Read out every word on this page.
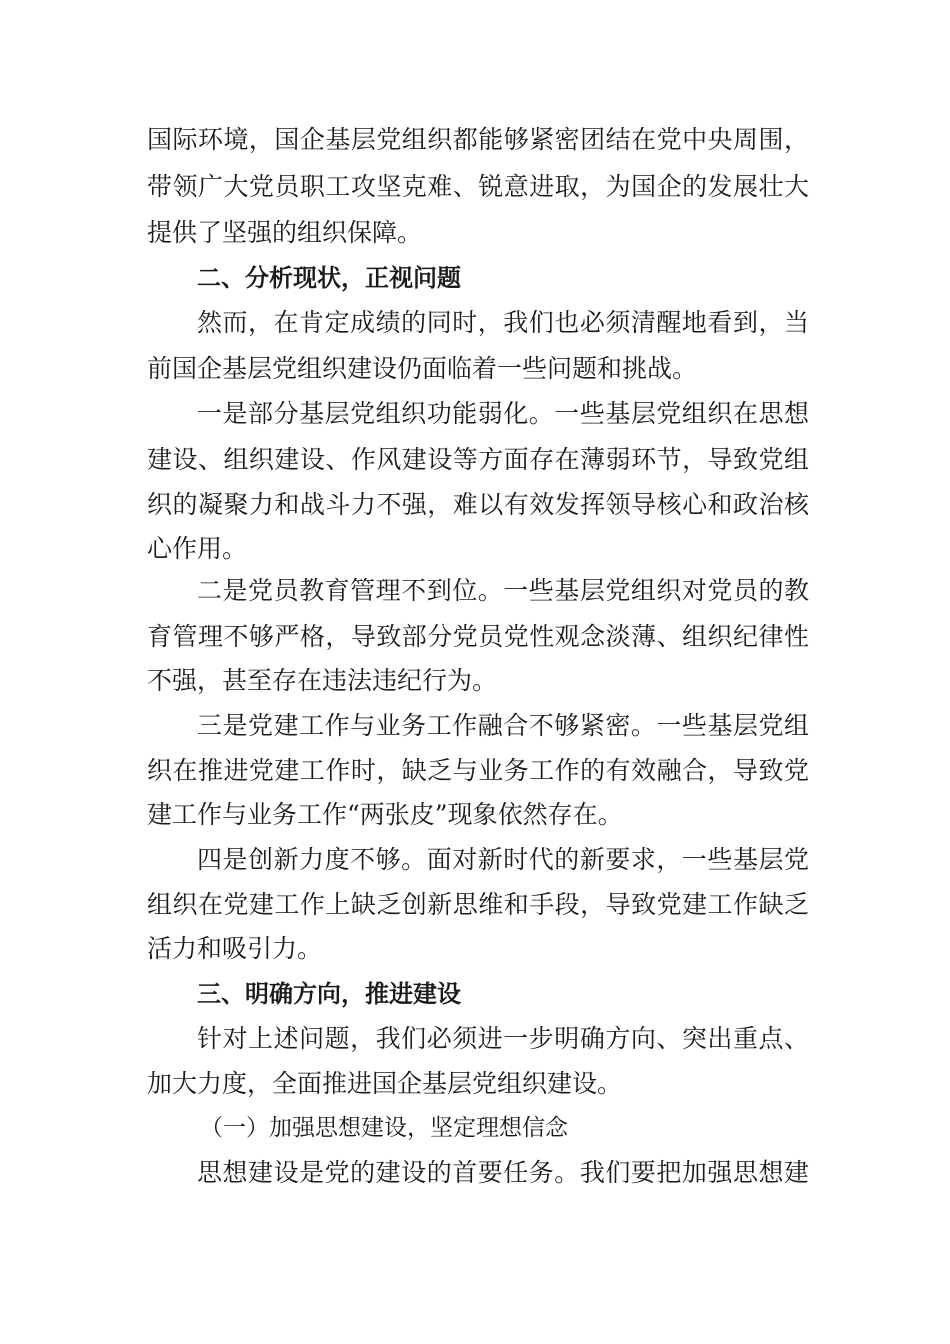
国际环境，国企基层党组织都能够紧密团结在党中央周围，
带领广大党员职工攻坚克难、锐意进取，为国企的发展壮大
提供了坚强的组织保障。
二、分析现状，正视问题
然而，在肯定成绩的同时，我们也必须清醒地看到，当
前国企基层党组织建设仍面临着一些问题和挑战。
一是部分基层党组织功能弱化。一些基层党组织在思想
建设、组织建设、作风建设等方面存在薄弱环节，导致党组
织的凝聚力和战斗力不强，难以有效发挥领导核心和政治核
心作用。
二是党员教育管理不到位。一些基层党组织对党员的教
育管理不够严格，导致部分党员党性观念淡薄、组织纪律性
不强，甚至存在违法违纪行为。
三是党建工作与业务工作融合不够紧密。一些基层党组
织在推进党建工作时，缺乏与业务工作的有效融合，导致党
建工作与业务工作“两张皮”现象依然存在。
四是创新力度不够。面对新时代的新要求，一些基层党
组织在党建工作上缺乏创新思维和手段，导致党建工作缺乏
活力和吸引力。
三、明确方向，推进建设
针对上述问题，我们必须进一步明确方向、突出重点、
加大力度，全面推进国企基层党组织建设。
（一）加强思想建设，坚定理想信念
思想建设是党的建设的首要任务。我们要把加强思想建
